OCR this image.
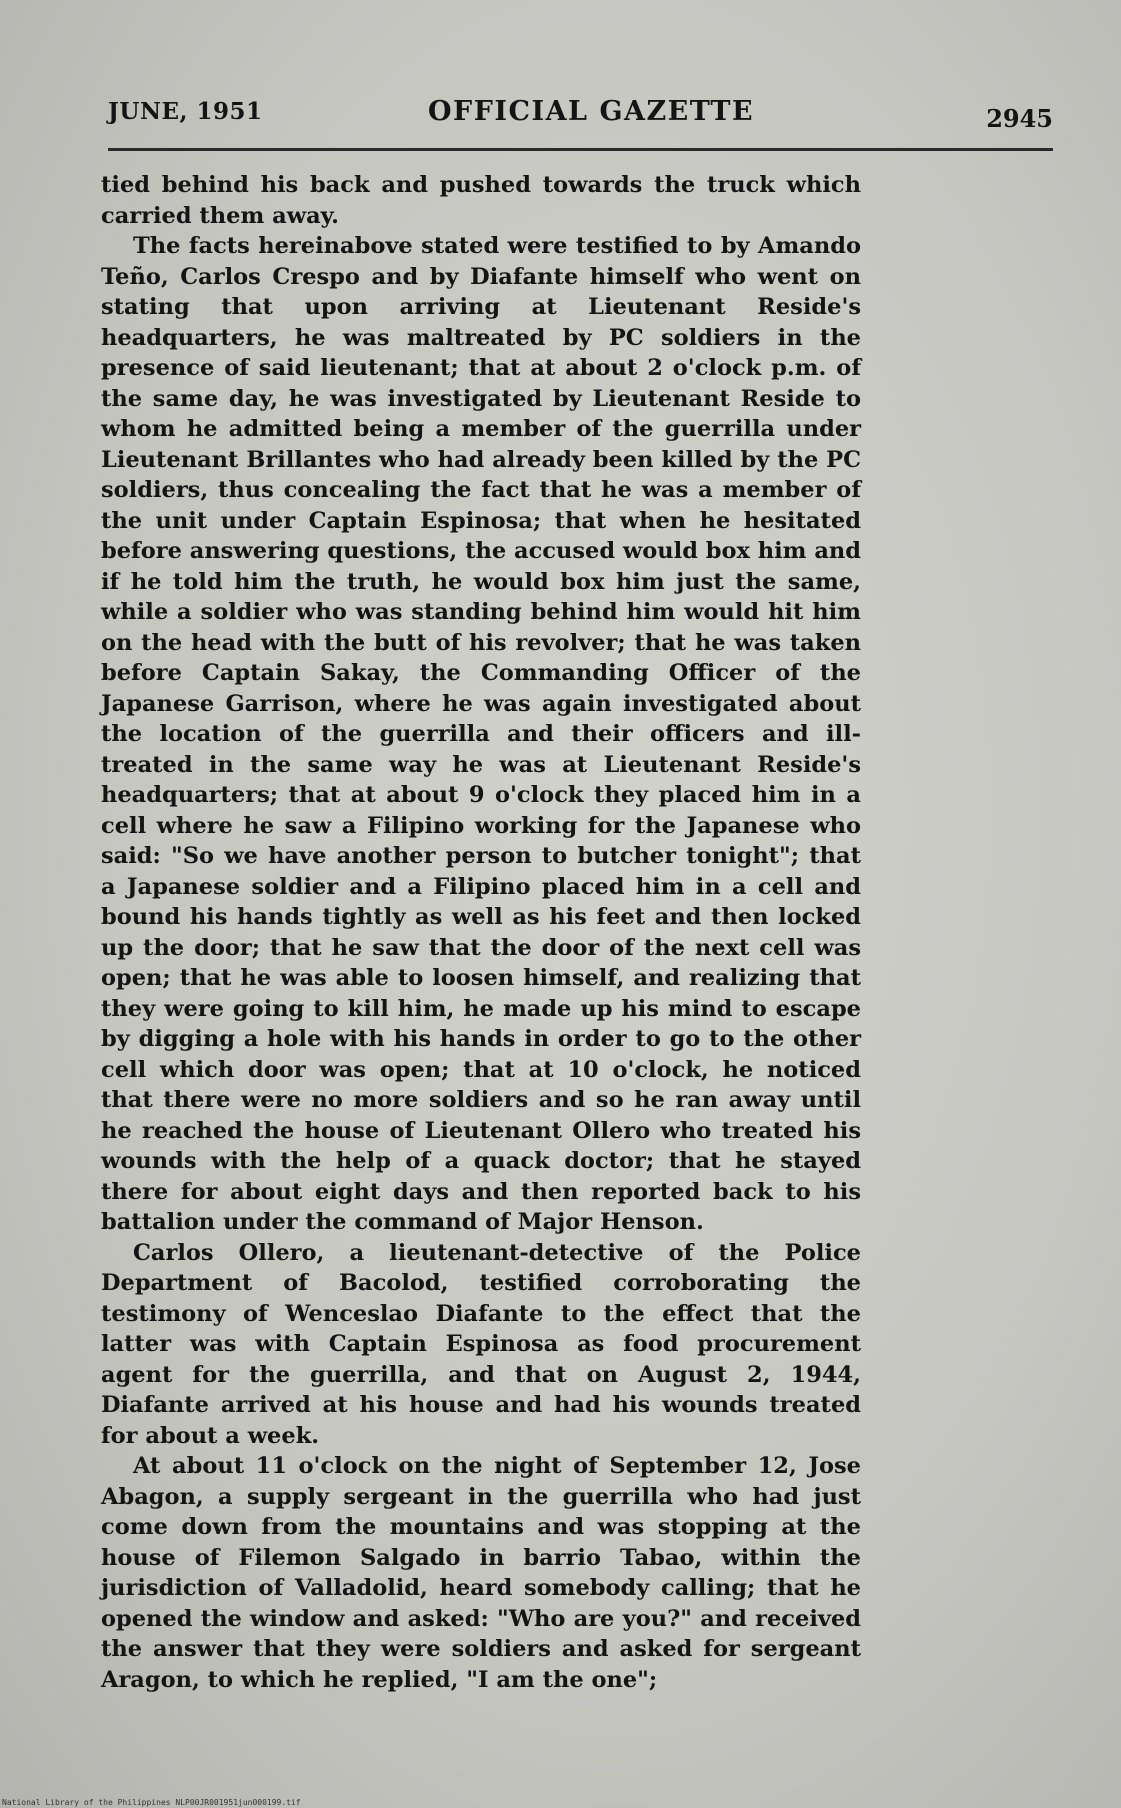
JUNE, 1951	OFFICIAL GAZETTE	2945

tied behind his back and pushed towards the truck which carried them away.

The facts hereinabove stated were testified to by Amando Teño, Carlos Crespo and by Diafante himself who went on stating that upon arriving at Lieutenant Reside's headquarters, he was maltreated by PC soldiers in the presence of said lieutenant; that at about 2 o'clock p.m. of the same day, he was investigated by Lieutenant Reside to whom he admitted being a member of the guerrilla under Lieutenant Brillantes who had already been killed by the PC soldiers, thus concealing the fact that he was a member of the unit under Captain Espinosa; that when he hesitated before answering questions, the accused would box him and if he told him the truth, he would box him just the same, while a soldier who was standing behind him would hit him on the head with the butt of his revolver; that he was taken before Captain Sakay, the Commanding Officer of the Japanese Garrison, where he was again investigated about the location of the guerrilla and their officers and ill-treated in the same way he was at Lieutenant Reside's headquarters; that at about 9 o'clock they placed him in a cell where he saw a Filipino working for the Japanese who said: "So we have another person to butcher tonight"; that a Japanese soldier and a Filipino placed him in a cell and bound his hands tightly as well as his feet and then locked up the door; that he saw that the door of the next cell was open; that he was able to loosen himself, and realizing that they were going to kill him, he made up his mind to escape by digging a hole with his hands in order to go to the other cell which door was open; that at 10 o'clock, he noticed that there were no more soldiers and so he ran away until he reached the house of Lieutenant Ollero who treated his wounds with the help of a quack doctor; that he stayed there for about eight days and then reported back to his battalion under the command of Major Henson.

Carlos Ollero, a lieutenant-detective of the Police Department of Bacolod, testified corroborating the testimony of Wenceslao Diafante to the effect that the latter was with Captain Espinosa as food procurement agent for the guerrilla, and that on August 2, 1944, Diafante arrived at his house and had his wounds treated for about a week.

At about 11 o'clock on the night of September 12, Jose Abagon, a supply sergeant in the guerrilla who had just come down from the mountains and was stopping at the house of Filemon Salgado in barrio Tabao, within the jurisdiction of Valladolid, heard somebody calling; that he opened the window and asked: "Who are you?" and received the answer that they were soldiers and asked for sergeant Aragon, to which he replied, "I am the one";

National Library of the Philippines NLP00JR001951jun000199.tif
